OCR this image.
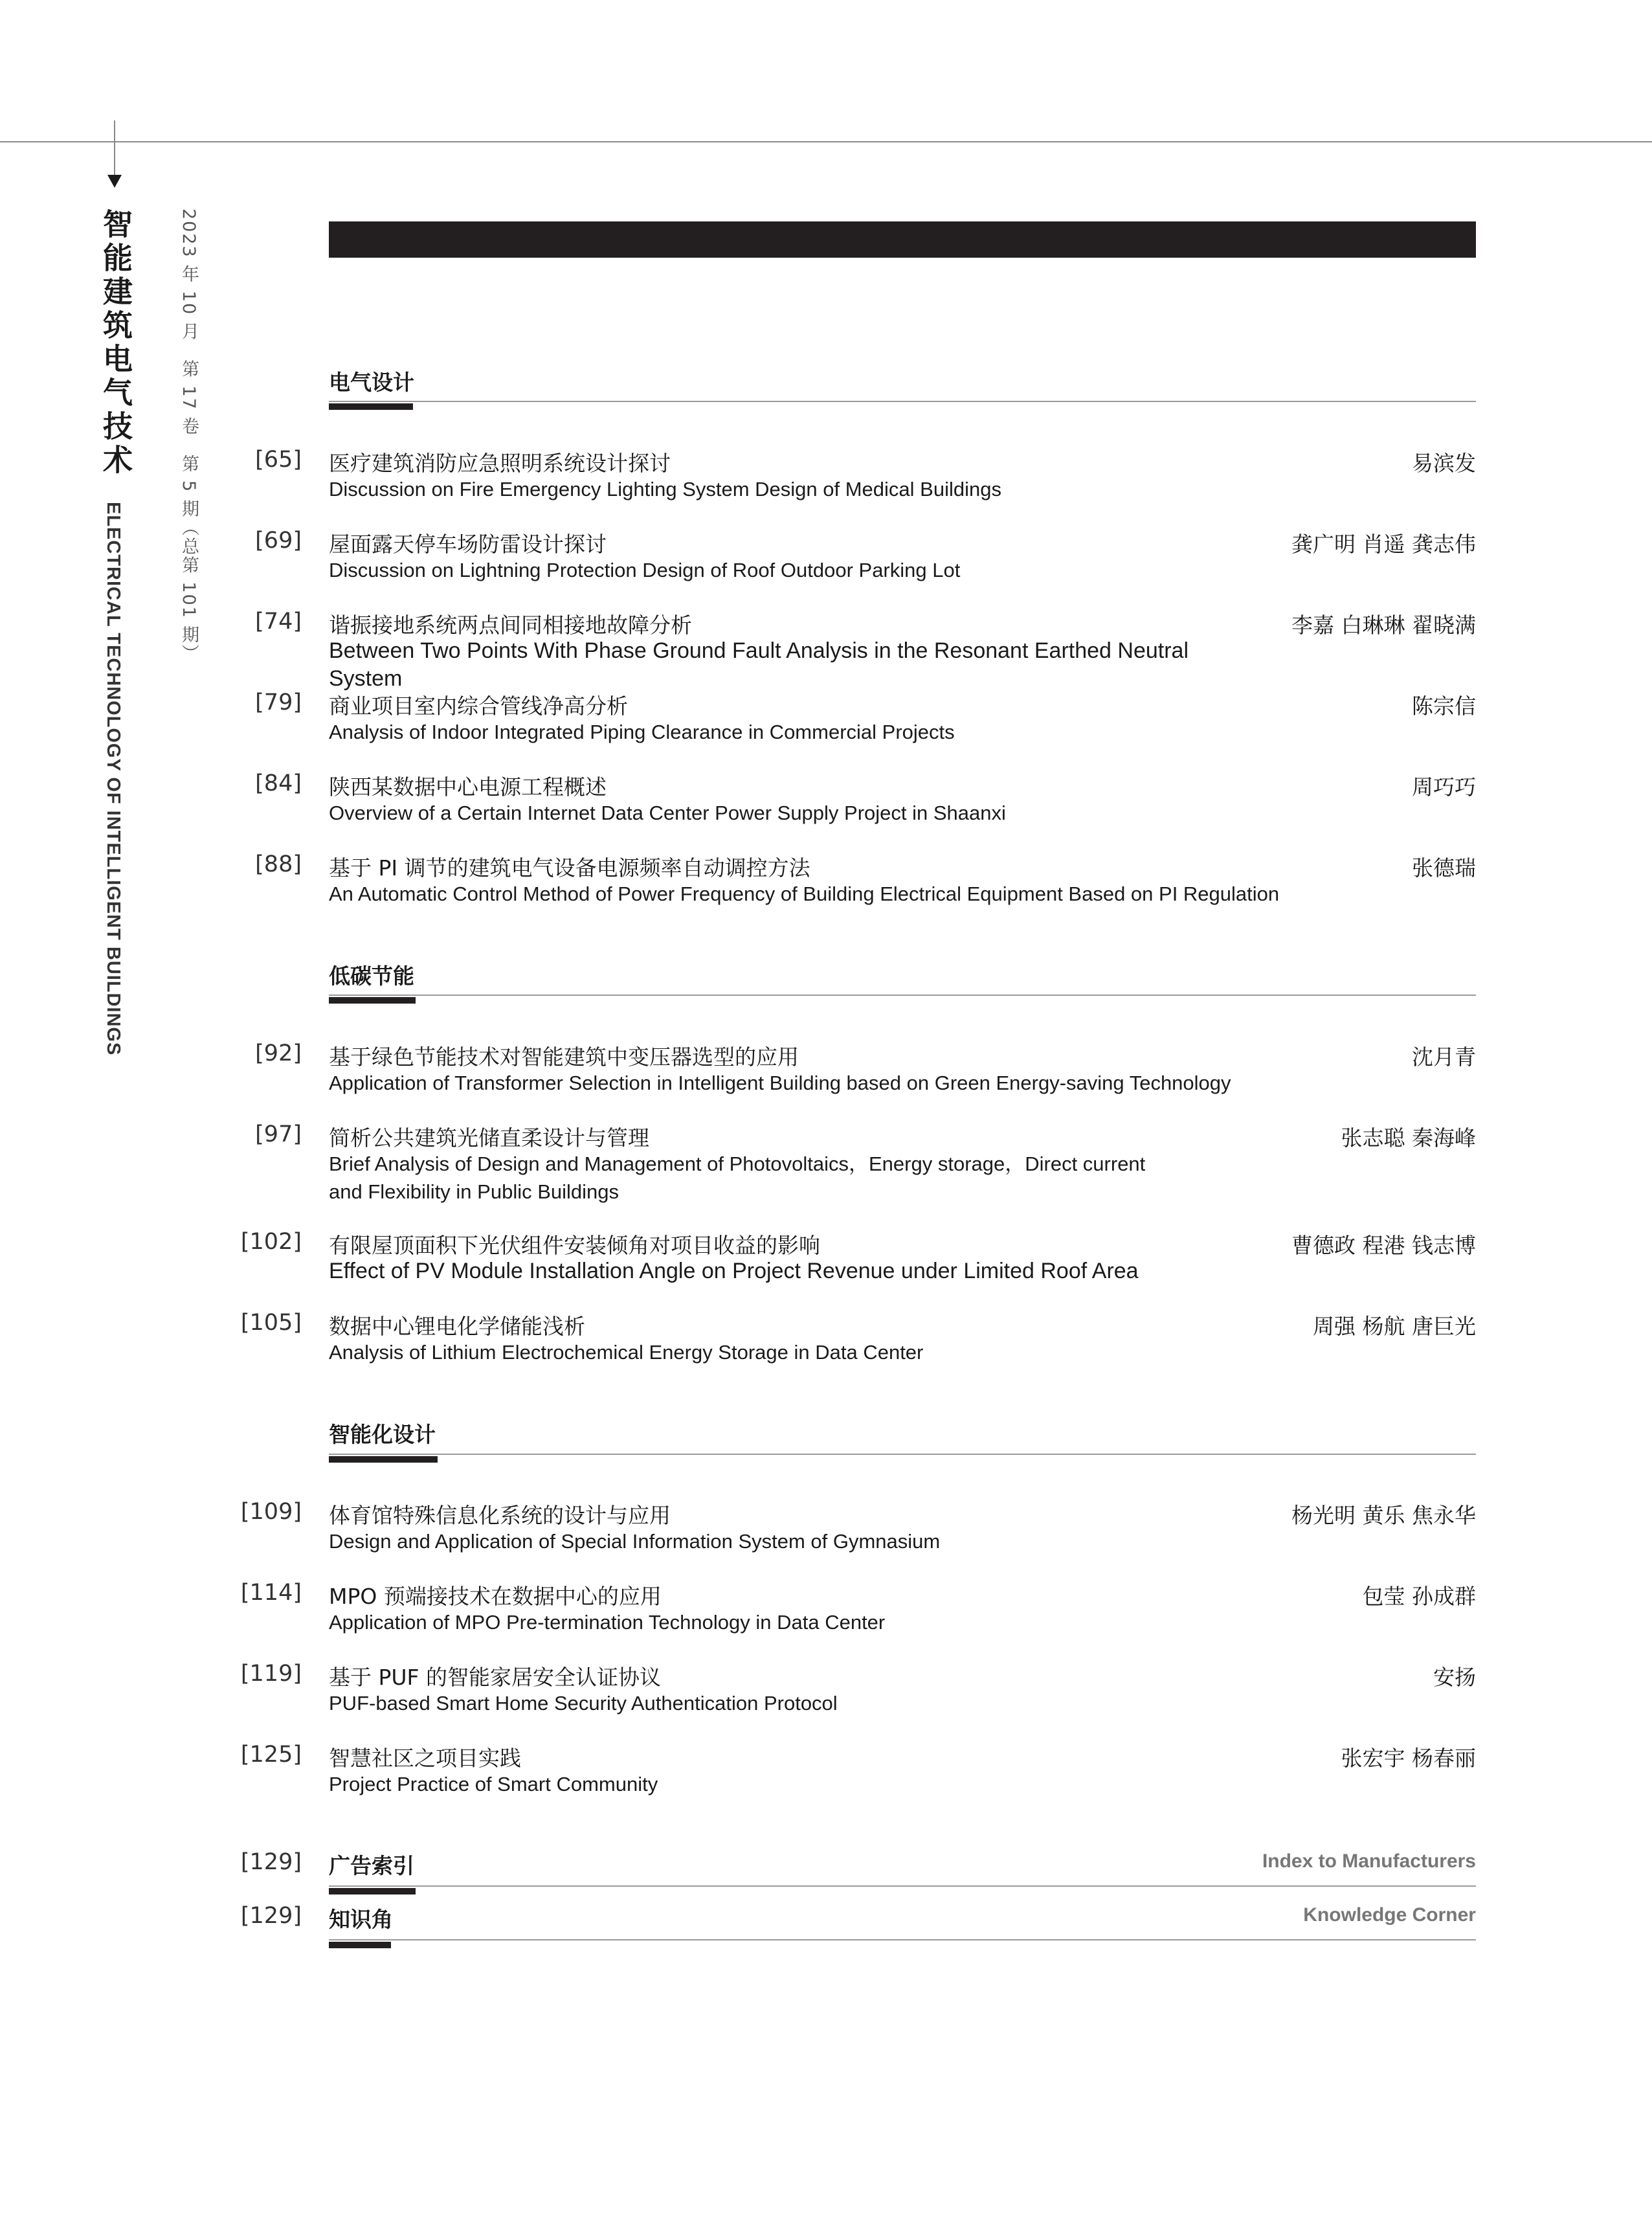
智能建筑电气技术
ELECTRICAL TECHNOLOGY OF INTELLIGENT BUILDINGS
2023 年 10 月　第 17 卷　第 5 期（总第 101 期）	电气设计
[65] 医疗建筑消防应急照明系统设计探讨	易滨发
Discussion on Fire Emergency Lighting System Design of Medical Buildings
[69] 屋面露天停车场防雷设计探讨	龚广明 肖遥 龚志伟
Discussion on Lightning Protection Design of Roof Outdoor Parking Lot
[74] 谐振接地系统两点间同相接地故障分析	李嘉 白琳琳 翟晓满
Between Two Points With Phase Ground Fault Analysis in the Resonant Earthed Neutral System
[79] 商业项目室内综合管线净高分析	陈宗信
Analysis of Indoor Integrated Piping Clearance in Commercial Projects
[84] 陕西某数据中心电源工程概述	周巧巧
Overview of a Certain Internet Data Center Power Supply Project in Shaanxi
[88] 基于 PI 调节的建筑电气设备电源频率自动调控方法	张德瑞
An Automatic Control Method of Power Frequency of Building Electrical Equipment Based on PI Regulation
低碳节能
[92] 基于绿色节能技术对智能建筑中变压器选型的应用	沈月青
Application of Transformer Selection in Intelligent Building based on Green Energy-saving Technology
[97] 简析公共建筑光储直柔设计与管理	张志聪 秦海峰
Brief Analysis of Design and Management of Photovoltaics，Energy storage，Direct current and Flexibility in Public Buildings
[102] 有限屋顶面积下光伏组件安装倾角对项目收益的影响	曹德政 程港 钱志博
Effect of PV Module Installation Angle on Project Revenue under Limited Roof Area
[105] 数据中心锂电化学储能浅析	周强 杨航 唐巨光
Analysis of Lithium Electrochemical Energy Storage in Data Center
智能化设计
[109] 体育馆特殊信息化系统的设计与应用	杨光明 黄乐 焦永华
Design and Application of Special Information System of Gymnasium
[114] MPO 预端接技术在数据中心的应用	包莹 孙成群
Application of MPO Pre-termination Technology in Data Center
[119] 基于 PUF 的智能家居安全认证协议	安扬
PUF-based Smart Home Security Authentication Protocol
[125] 智慧社区之项目实践	张宏宇 杨春丽
Project Practice of Smart Community
[129] 广告索引	Index to Manufacturers
[129] 知识角	Knowledge Corner
